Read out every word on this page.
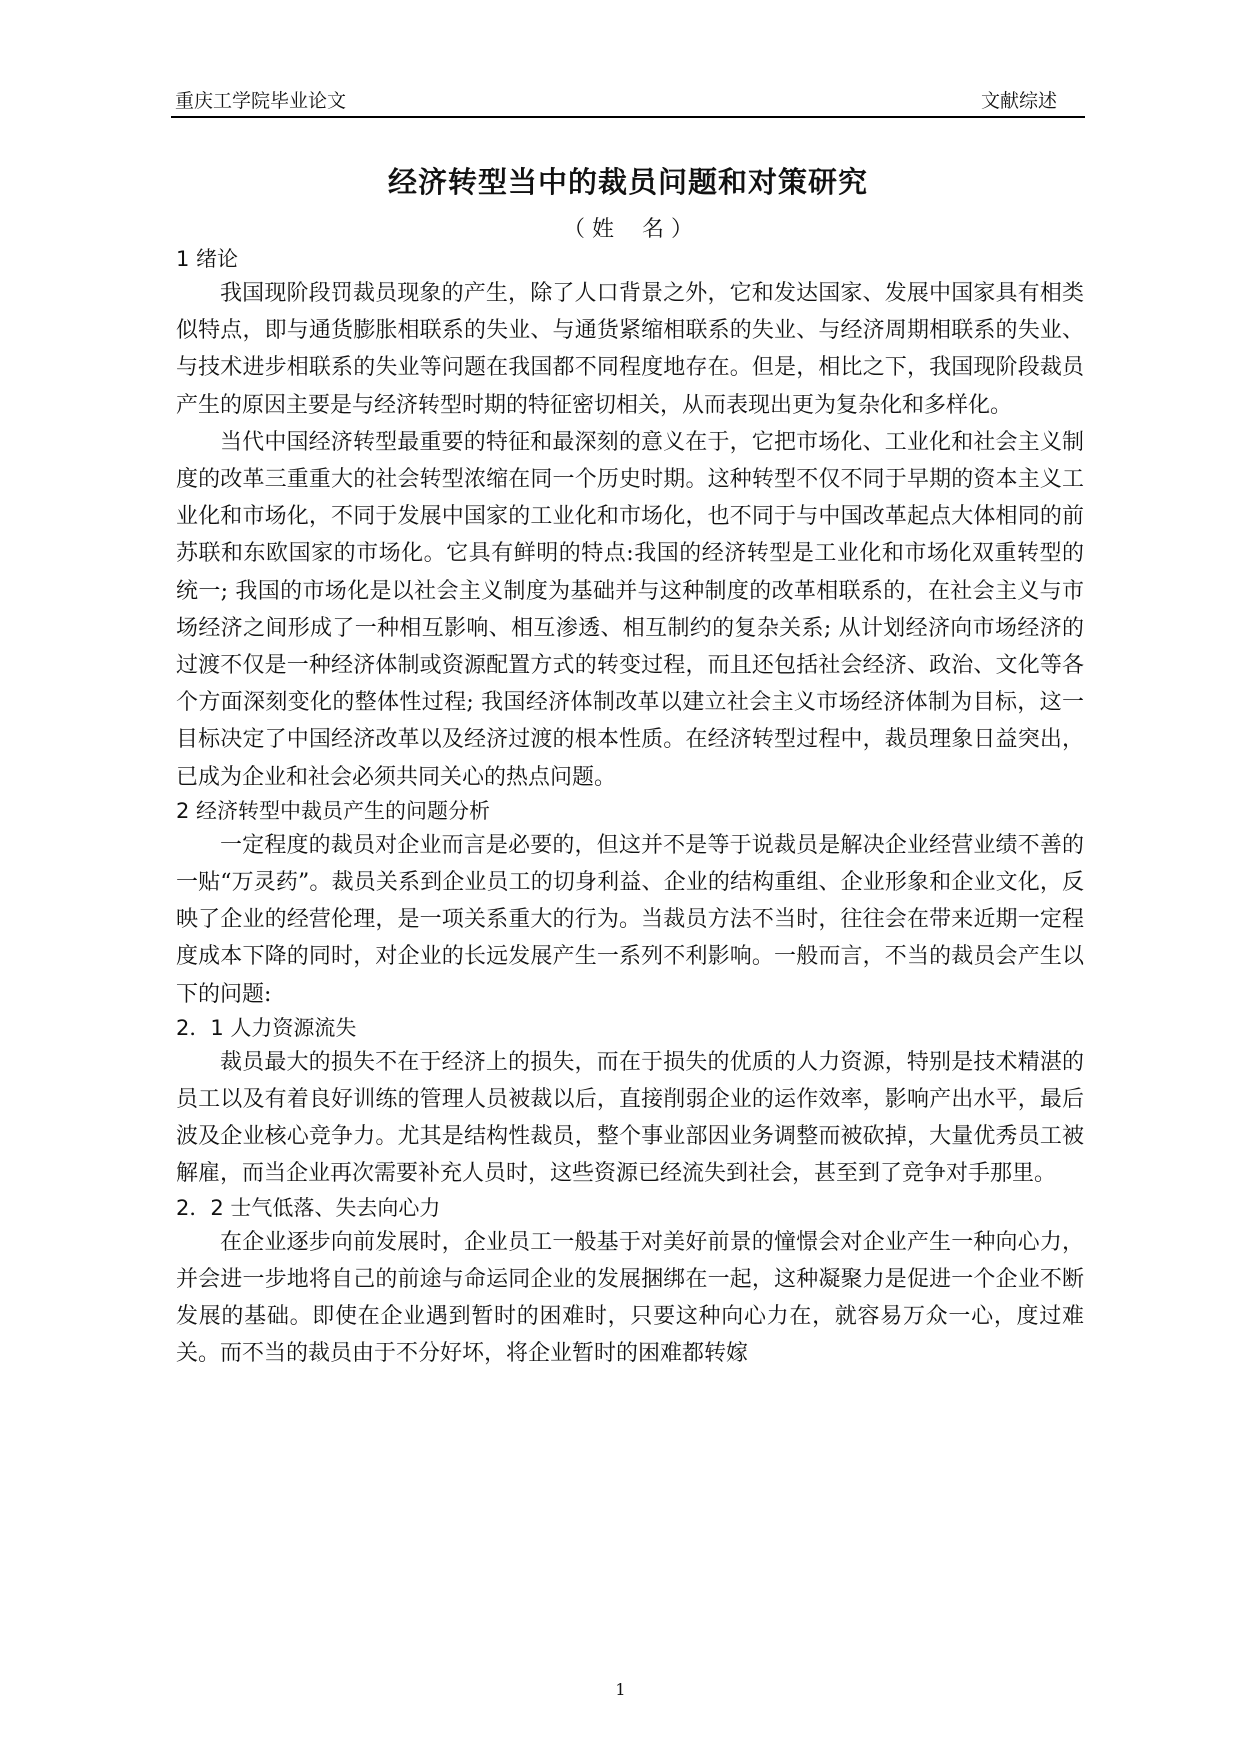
重庆工学院毕业论文	文献综述
经济转型当中的裁员问题和对策研究
（ 姓    名 ）
1 绪论

我国现阶段罚裁员现象的产生，除了人口背景之外，它和发达国家、发展中国家具有相类似特点，即与通货膨胀相联系的失业、与通货紧缩相联系的失业、与经济周期相联系的失业、与技术进步相联系的失业等问题在我国都不同程度地存在。但是，相比之下，我国现阶段裁员产生的原因主要是与经济转型时期的特征密切相关，从而表现出更为复杂化和多样化。

当代中国经济转型最重要的特征和最深刻的意义在于，它把市场化、工业化和社会主义制度的改革三重重大的社会转型浓缩在同一个历史时期。这种转型不仅不同于早期的资本主义工业化和市场化，不同于发展中国家的工业化和市场化，也不同于与中国改革起点大体相同的前苏联和东欧国家的市场化。它具有鲜明的特点:我国的经济转型是工业化和市场化双重转型的统一; 我国的市场化是以社会主义制度为基础并与这种制度的改革相联系的，在社会主义与市场经济之间形成了一种相互影响、相互渗透、相互制约的复杂关系; 从计划经济向市场经济的过渡不仅是一种经济体制或资源配置方式的转变过程，而且还包括社会经济、政治、文化等各个方面深刻变化的整体性过程; 我国经济体制改革以建立社会主义市场经济体制为目标，这一目标决定了中国经济改革以及经济过渡的根本性质。在经济转型过程中，裁员理象日益突出，已成为企业和社会必须共同关心的热点问题。

2 经济转型中裁员产生的问题分析

一定程度的裁员对企业而言是必要的，但这并不是等于说裁员是解决企业经营业绩不善的一贴“万灵药”。裁员关系到企业员工的切身利益、企业的结构重组、企业形象和企业文化，反映了企业的经营伦理，是一项关系重大的行为。当裁员方法不当时，往往会在带来近期一定程度成本下降的同时，对企业的长远发展产生一系列不利影响。一般而言，不当的裁员会产生以下的问题:

2．1 人力资源流失

裁员最大的损失不在于经济上的损失，而在于损失的优质的人力资源，特别是技术精湛的员工以及有着良好训练的管理人员被裁以后，直接削弱企业的运作效率，影响产出水平，最后波及企业核心竞争力。尤其是结构性裁员，整个事业部因业务调整而被砍掉，大量优秀员工被解雇，而当企业再次需要补充人员时，这些资源已经流失到社会，甚至到了竞争对手那里。

2．2 士气低落、失去向心力

在企业逐步向前发展时，企业员工一般基于对美好前景的憧憬会对企业产生一种向心力，并会进一步地将自己的前途与命运同企业的发展捆绑在一起，这种凝聚力是促进一个企业不断发展的基础。即使在企业遇到暂时的困难时，只要这种向心力在，就容易万众一心，度过难关。而不当的裁员由于不分好坏，将企业暂时的困难都转嫁

1
